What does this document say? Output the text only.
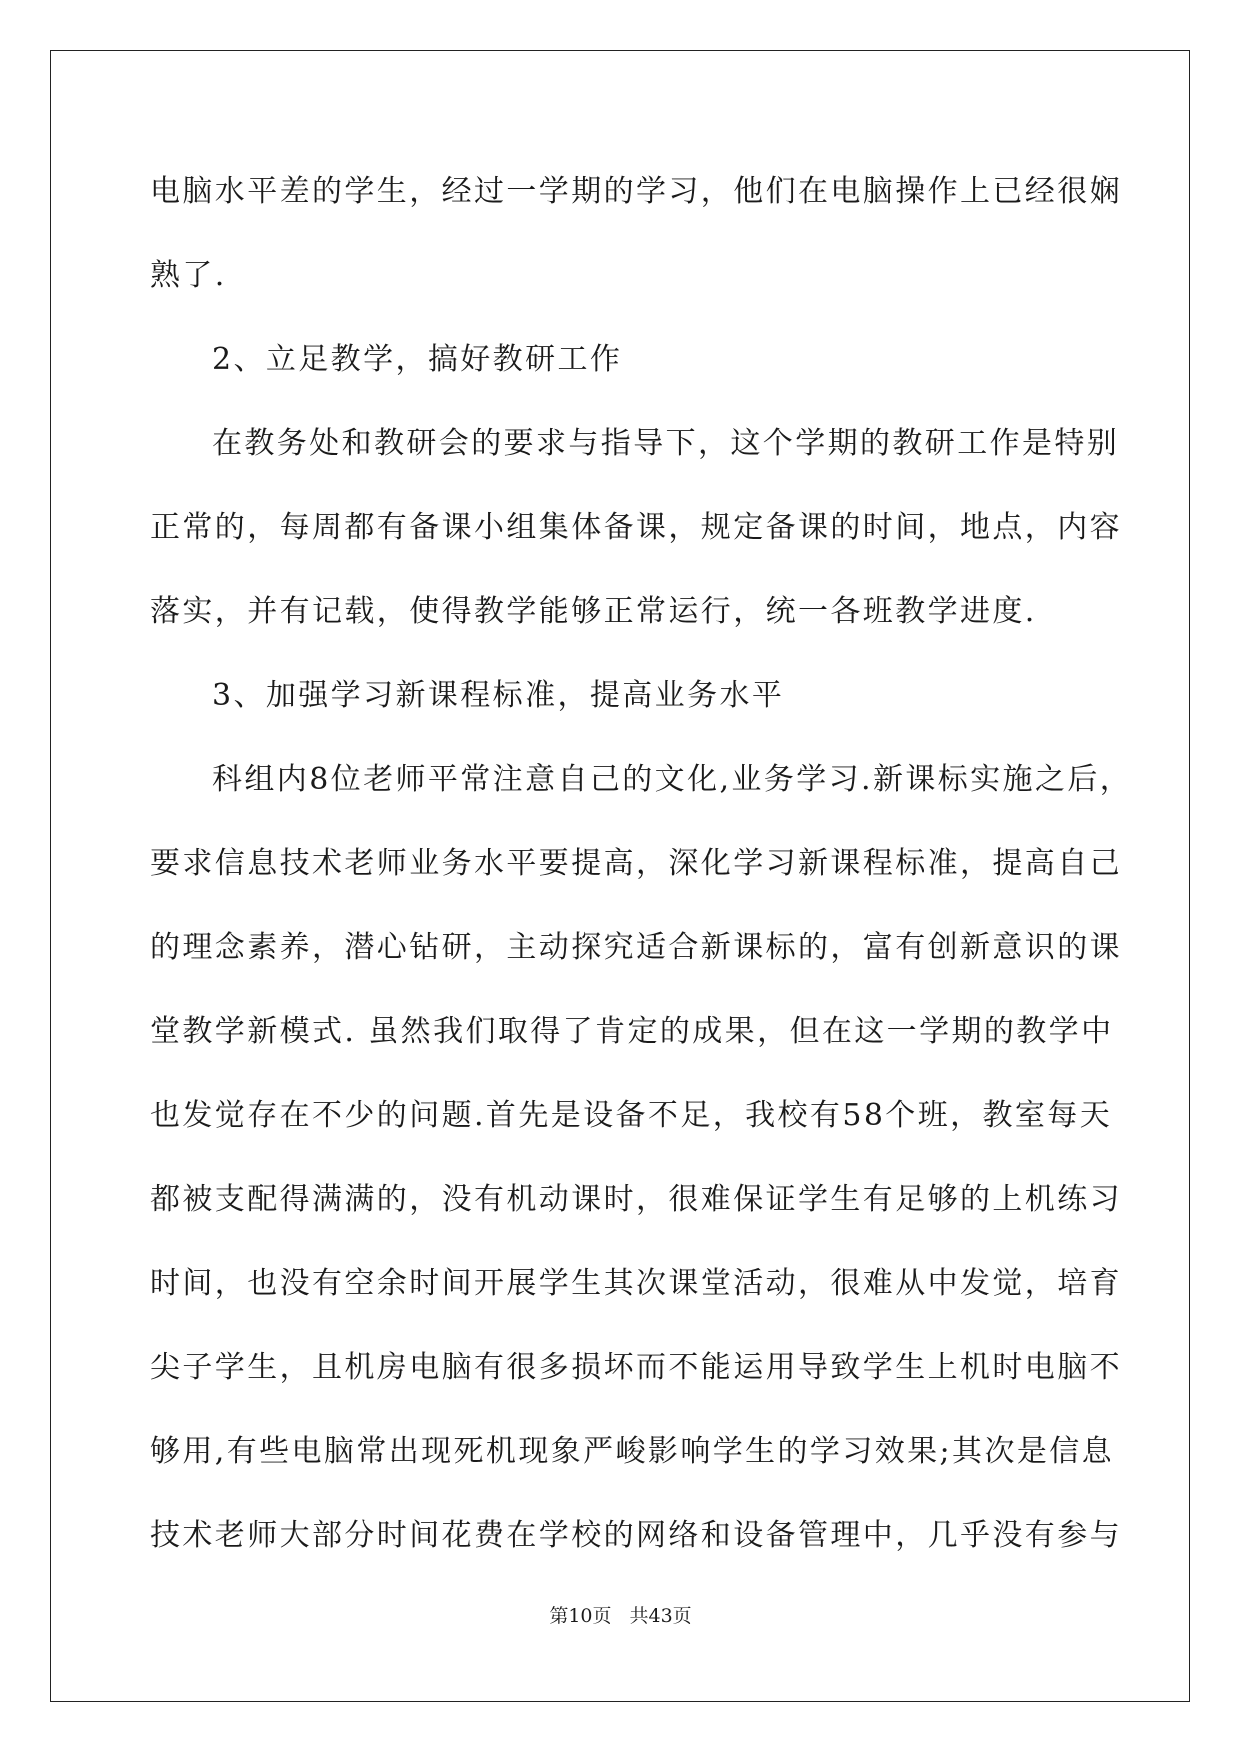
电脑水平差的学生，经过一学期的学习，他们在电脑操作上已经很娴
熟了.
2、立足教学，搞好教研工作
在教务处和教研会的要求与指导下，这个学期的教研工作是特别
正常的，每周都有备课小组集体备课，规定备课的时间，地点，内容
落实，并有记载，使得教学能够正常运行，统一各班教学进度.
3、加强学习新课程标准，提高业务水平
科组内8位老师平常注意自己的文化,业务学习.新课标实施之后，
要求信息技术老师业务水平要提高，深化学习新课程标准，提高自己
的理念素养，潜心钻研，主动探究适合新课标的，富有创新意识的课
堂教学新模式. 虽然我们取得了肯定的成果，但在这一学期的教学中
也发觉存在不少的问题.首先是设备不足，我校有58个班，教室每天
都被支配得满满的，没有机动课时，很难保证学生有足够的上机练习
时间，也没有空余时间开展学生其次课堂活动，很难从中发觉，培育
尖子学生，且机房电脑有很多损坏而不能运用导致学生上机时电脑不
够用,有些电脑常出现死机现象严峻影响学生的学习效果;其次是信息
技术老师大部分时间花费在学校的网络和设备管理中，几乎没有参与
第10页 共43页
